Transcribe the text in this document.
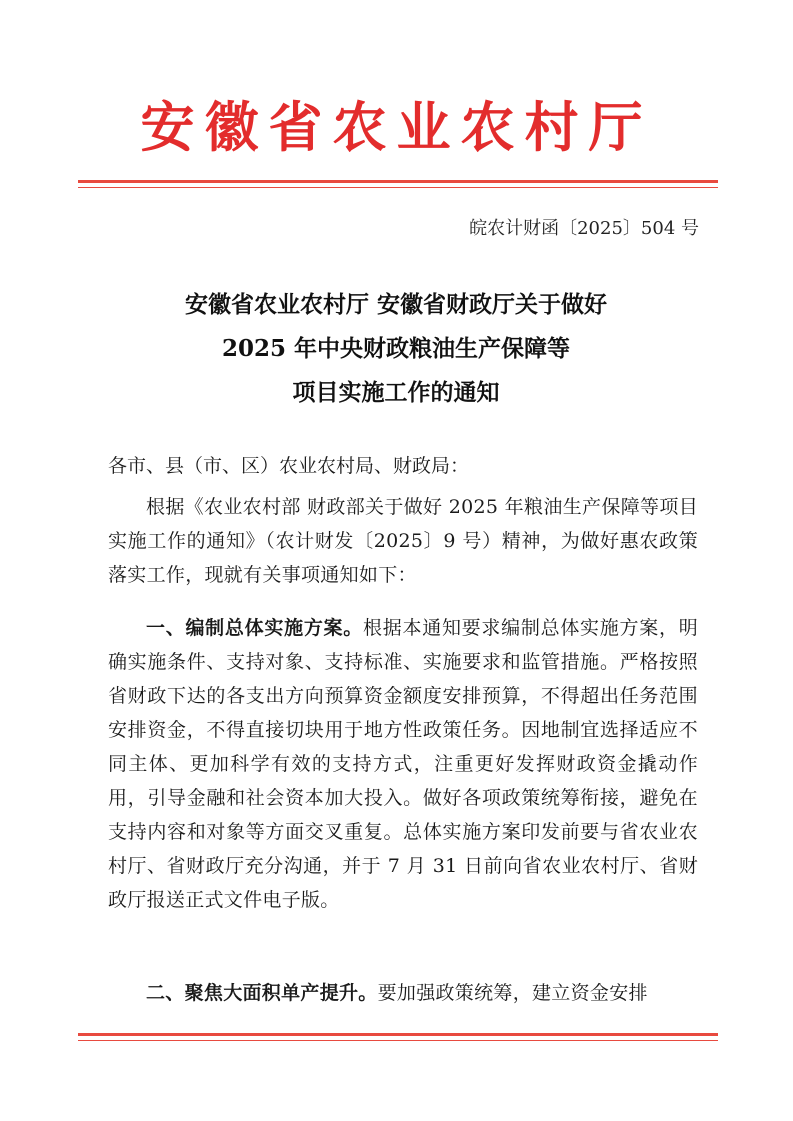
安徽省农业农村厅
皖农计财函〔2025〕504 号
安徽省农业农村厅 安徽省财政厅关于做好
2025 年中央财政粮油生产保障等
项目实施工作的通知
各市、县（市、区）农业农村局、财政局：
根据《农业农村部 财政部关于做好 2025 年粮油生产保障等项目实施工作的通知》（农计财发〔2025〕9 号）精神，为做好惠农政策落实工作，现就有关事项通知如下：
一、编制总体实施方案。根据本通知要求编制总体实施方案，明确实施条件、支持对象、支持标准、实施要求和监管措施。严格按照省财政下达的各支出方向预算资金额度安排预算，不得超出任务范围安排资金，不得直接切块用于地方性政策任务。因地制宜选择适应不同主体、更加科学有效的支持方式，注重更好发挥财政资金撬动作用，引导金融和社会资本加大投入。做好各项政策统筹衔接，避免在支持内容和对象等方面交叉重复。总体实施方案印发前要与省农业农村厅、省财政厅充分沟通，并于 7 月 31 日前向省农业农村厅、省财政厅报送正式文件电子版。
二、聚焦大面积单产提升。要加强政策统筹，建立资金安排
